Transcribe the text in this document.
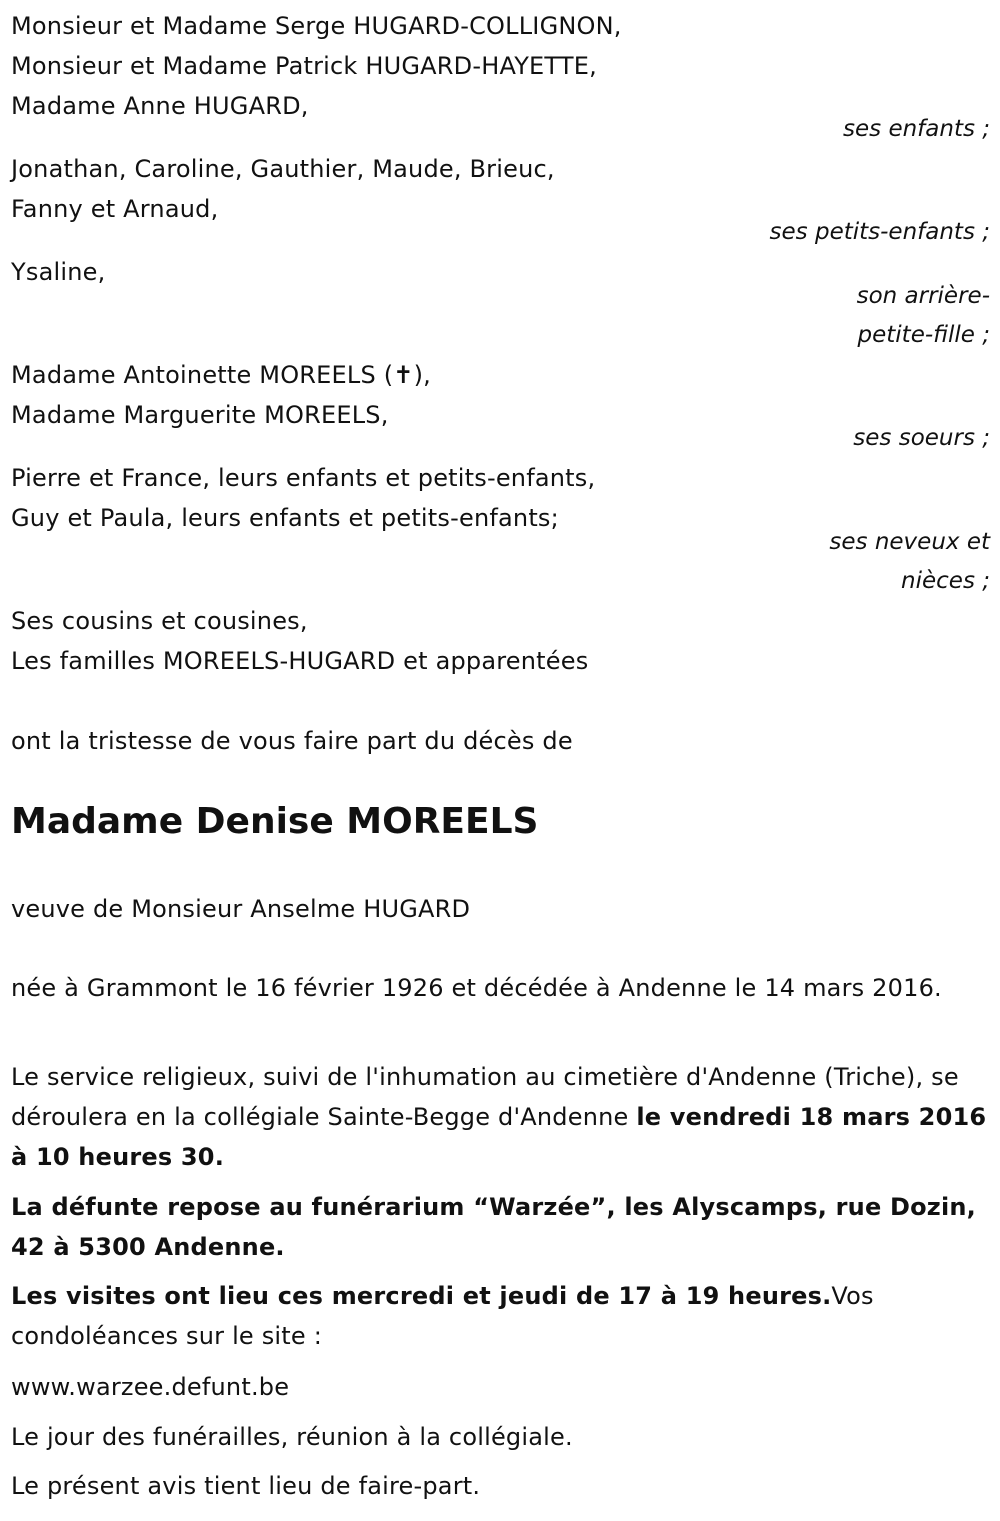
Monsieur et Madame Serge HUGARD-COLLIGNON,
Monsieur et Madame Patrick HUGARD-HAYETTE,
Madame Anne HUGARD,
ses enfants ;
Jonathan, Caroline, Gauthier, Maude, Brieuc,
Fanny et Arnaud,
ses petits-enfants ;
Ysaline,
son arrière-
petite-fille ;
Madame Antoinette MOREELS (✝),
Madame Marguerite MOREELS,
ses soeurs ;
Pierre et France, leurs enfants et petits-enfants,
Guy et Paula, leurs enfants et petits-enfants;
ses neveux et
nièces ;
Ses cousins et cousines,
Les familles MOREELS-HUGARD et apparentées
ont la tristesse de vous faire part du décès de
Madame Denise MOREELS
veuve de Monsieur Anselme HUGARD
née à Grammont le 16 février 1926 et décédée à Andenne le 14 mars 2016.
Le service religieux, suivi de l'inhumation au cimetière d'Andenne (Triche), se déroulera en la collégiale Sainte-Begge d'Andenne le vendredi 18 mars 2016 à 10 heures 30.
La défunte repose au funérarium “Warzée”, les Alyscamps, rue Dozin, 42 à 5300 Andenne.
Les visites ont lieu ces mercredi et jeudi de 17 à 19 heures.Vos condoléances sur le site :
www.warzee.defunt.be
Le jour des funérailles, réunion à la collégiale.
Le présent avis tient lieu de faire-part.
